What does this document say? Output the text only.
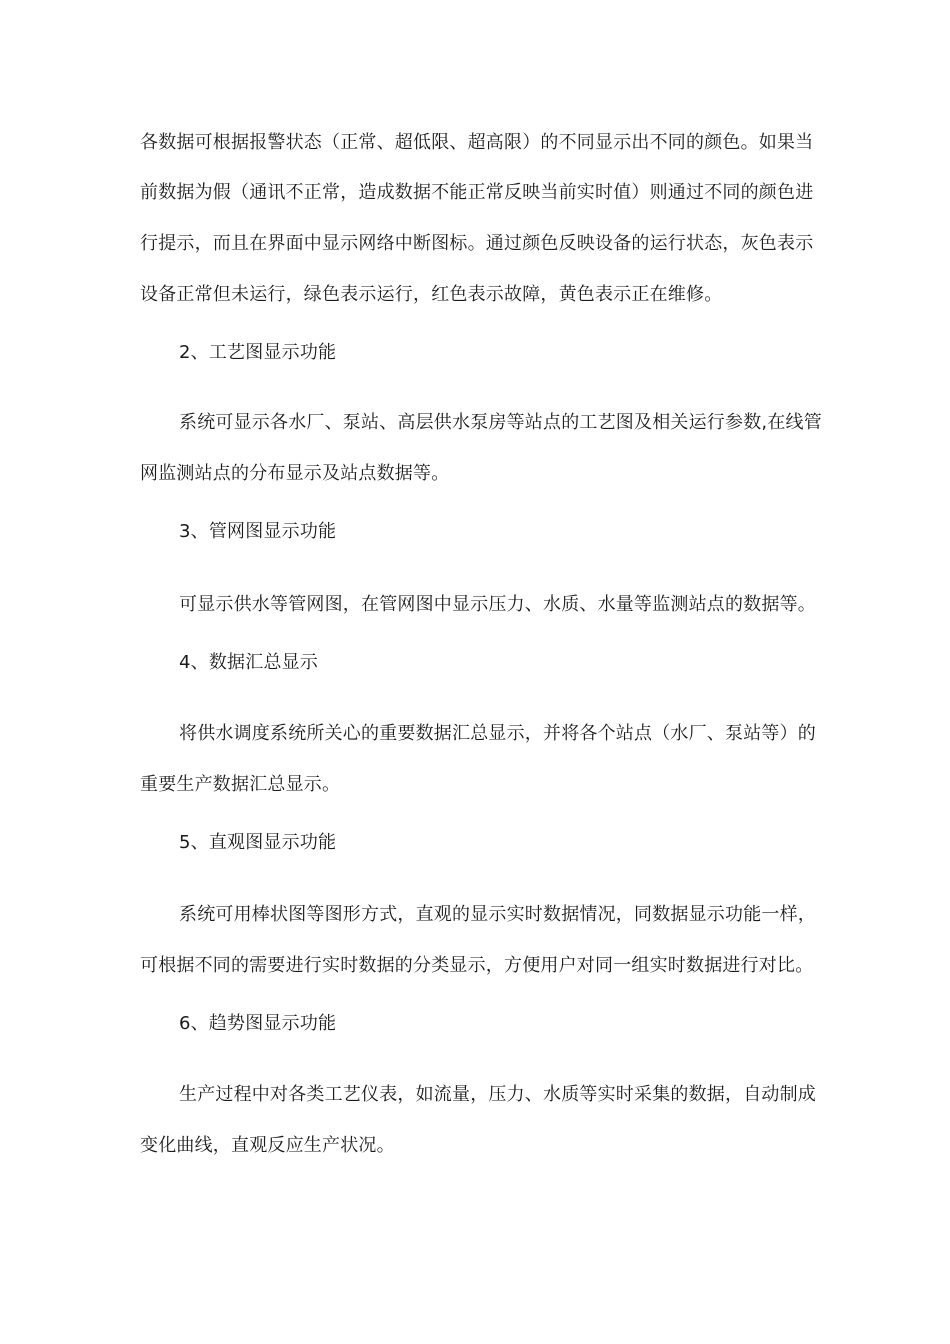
各数据可根据报警状态（正常、超低限、超高限）的不同显示出不同的颜色。如果当
前数据为假（通讯不正常，造成数据不能正常反映当前实时值）则通过不同的颜色进
行提示，而且在界面中显示网络中断图标。通过颜色反映设备的运行状态，灰色表示
设备正常但未运行，绿色表示运行，红色表示故障，黄色表示正在维修。
2、工艺图显示功能
系统可显示各水厂、泵站、高层供水泵房等站点的工艺图及相关运行参数,在线管
网监测站点的分布显示及站点数据等。
3、管网图显示功能
可显示供水等管网图，在管网图中显示压力、水质、水量等监测站点的数据等。
4、数据汇总显示
将供水调度系统所关心的重要数据汇总显示，并将各个站点（水厂、泵站等）的
重要生产数据汇总显示。
5、直观图显示功能
系统可用棒状图等图形方式，直观的显示实时数据情况，同数据显示功能一样，
可根据不同的需要进行实时数据的分类显示，方便用户对同一组实时数据进行对比。
6、趋势图显示功能
生产过程中对各类工艺仪表，如流量，压力、水质等实时采集的数据，自动制成
变化曲线，直观反应生产状况。
